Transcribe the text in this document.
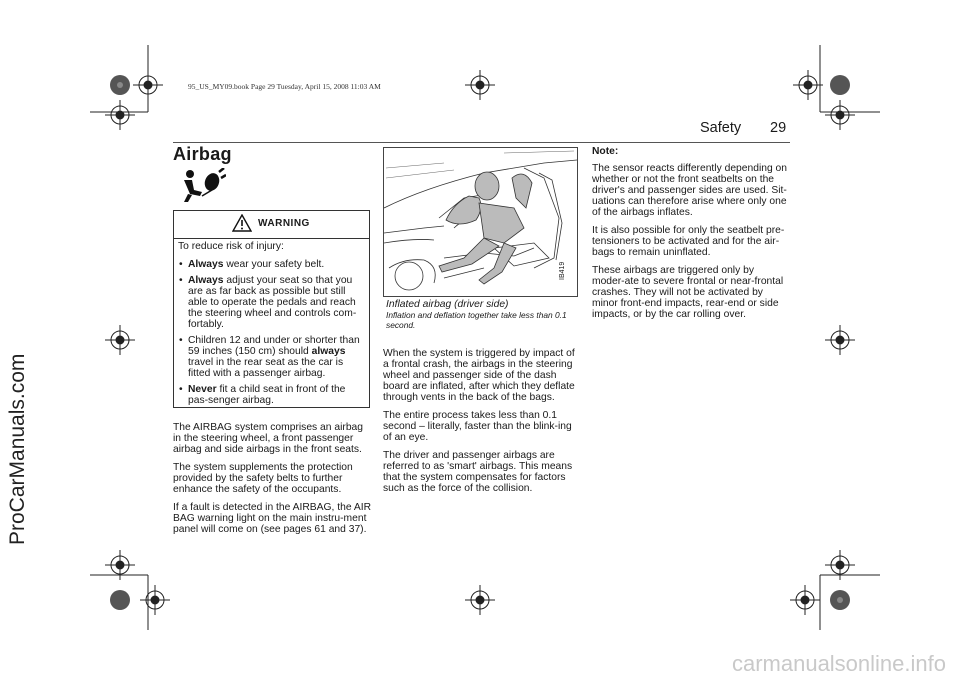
95_US_MY09.book Page 29 Tuesday, April 15, 2008 11:03 AM
ProCarManuals.com
Safety 29
Airbag
WARNING
To reduce risk of injury:
• Always wear your safety belt.
• Always adjust your seat so that you are as far back as possible but still able to operate the pedals and reach the steering wheel and controls com-fortably.
• Children 12 and under or shorter than 59 inches (150 cm) should always travel in the rear seat as the car is fitted with a passenger airbag.
• Never fit a child seat in front of the pas-senger airbag.

The AIRBAG system comprises an airbag in the steering wheel, a front passenger airbag and side airbags in the front seats.

The system supplements the protection provided by the safety belts to further enhance the safety of the occupants.

If a fault is detected in the AIRBAG, the AIR BAG warning light on the main instru-ment panel will come on (see pages 61 and 37).

IB419
Inflated airbag (driver side)
Inflation and deflation together take less than 0.1 second.

When the system is triggered by impact of a frontal crash, the airbags in the steering wheel and passenger side of the dash board are inflated, after which they deflate through vents in the back of the bags.

The entire process takes less than 0.1 second – literally, faster than the blink-ing of an eye.

The driver and passenger airbags are referred to as 'smart' airbags. This means that the system compensates for factors such as the force of the collision.

Note:

The sensor reacts differently depending on whether or not the front seatbelts on the driver's and passenger sides are used. Sit-uations can therefore arise where only one of the airbags inflates.

It is also possible for only the seatbelt pre-tensioners to be activated and for the air-bags to remain uninflated.

These airbags are triggered only by moder-ate to severe frontal or near-frontal crashes. They will not be activated by minor front-end impacts, rear-end or side impacts, or by the car rolling over.

carmanualsonline.info
